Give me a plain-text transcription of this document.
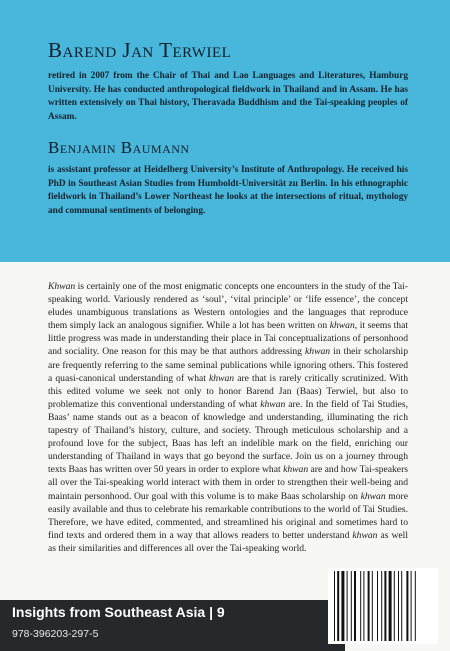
Barend Jan Terwiel

retired in 2007 from the Chair of Thai and Lao Languages and Literatures, Hamburg University. He has conducted anthropological fieldwork in Thailand and in Assam. He has written extensively on Thai history, Theravada Buddhism and the Tai-speaking peoples of Assam.

Benjamin Baumann

is assistant professor at Heidelberg University’s Institute of Anthropology. He received his PhD in Southeast Asian Studies from Humboldt-Universität zu Berlin. In his ethnographic fieldwork in Thailand’s Lower Northeast he looks at the intersections of ritual, mythology and communal sentiments of belonging.

Khwan is certainly one of the most enigmatic concepts one encounters in the study of the Tai-speaking world. Variously rendered as ‘soul’, ‘vital principle’ or ‘life essence’, the concept eludes unambiguous translations as Western ontologies and the languages that reproduce them simply lack an analogous signifier. While a lot has been written on khwan, it seems that little progress was made in understanding their place in Tai conceptualizations of personhood and sociality. One reason for this may be that authors addressing khwan in their scholarship are frequently referring to the same seminal publications while ignoring others. This fostered a quasi-canonical understanding of what khwan are that is rarely critically scrutinized. With this edited volume we seek not only to honor Barend Jan (Baas) Terwiel, but also to problematize this conventional understanding of what khwan are. In the field of Tai Studies, Baas’ name stands out as a beacon of knowledge and understanding, illuminating the rich tapestry of Thailand’s history, culture, and society. Through meticulous scholarship and a profound love for the subject, Baas has left an indelible mark on the field, enriching our understanding of Thailand in ways that go beyond the surface. Join us on a journey through texts Baas has written over 50 years in order to explore what khwan are and how Tai-speakers all over the Tai-speaking world interact with them in order to strengthen their well-being and maintain personhood. Our goal with this volume is to make Baas scholarship on khwan more easily available and thus to celebrate his remarkable contributions to the world of Tai Studies. Therefore, we have edited, commented, and streamlined his original and sometimes hard to find texts and ordered them in a way that allows readers to better understand khwan as well as their similarities and differences all over the Tai-speaking world.

Insights from Southeast Asia | 9

978-396203-297-5
